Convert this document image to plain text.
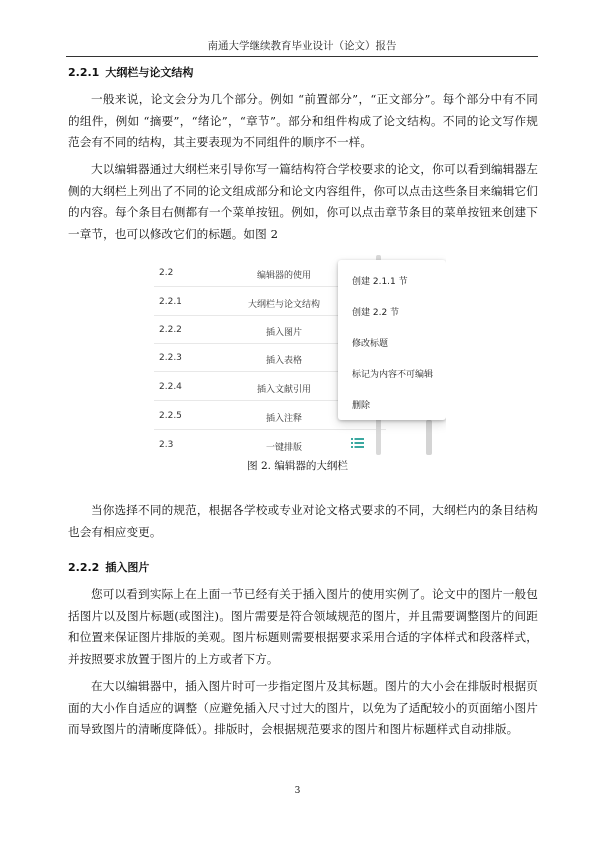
南通大学继续教育毕业设计（论文）报告
2.2.1 大纲栏与论文结构

一般来说，论文会分为几个部分。例如 “前置部分”，“正文部分”。每个部分中有不同的组件，例如 “摘要”，“绪论”，“章节”。部分和组件构成了论文结构。不同的论文写作规范会有不同的结构，其主要表现为不同组件的顺序不一样。

大以编辑器通过大纲栏来引导你写一篇结构符合学校要求的论文，你可以看到编辑器左侧的大纲栏上列出了不同的论文组成部分和论文内容组件，你可以点击这些条目来编辑它们的内容。每个条目右侧都有一个菜单按钮。例如，你可以点击章节条目的菜单按钮来创建下一章节，也可以修改它们的标题。如图 2

2.2	编辑器的使用
2.2.1	大纲栏与论文结构
2.2.2	插入图片
2.2.3	插入表格
2.2.4	插入文献引用
2.2.5	插入注释
2.3	一键排版
创建 2.1.1 节
创建 2.2 节
修改标题
标记为内容不可编辑
删除
图 2. 编辑器的大纲栏

当你选择不同的规范，根据各学校或专业对论文格式要求的不同，大纲栏内的条目结构也会有相应变更。

2.2.2 插入图片

您可以看到实际上在上面一节已经有关于插入图片的使用实例了。论文中的图片一般包括图片以及图片标题(或图注)。图片需要是符合领域规范的图片，并且需要调整图片的间距和位置来保证图片排版的美观。图片标题则需要根据要求采用合适的字体样式和段落样式，并按照要求放置于图片的上方或者下方。

在大以编辑器中，插入图片时可一步指定图片及其标题。图片的大小会在排版时根据页面的大小作自适应的调整（应避免插入尺寸过大的图片，以免为了适配较小的页面缩小图片而导致图片的清晰度降低）。排版时，会根据规范要求的图片和图片标题样式自动排版。

3
